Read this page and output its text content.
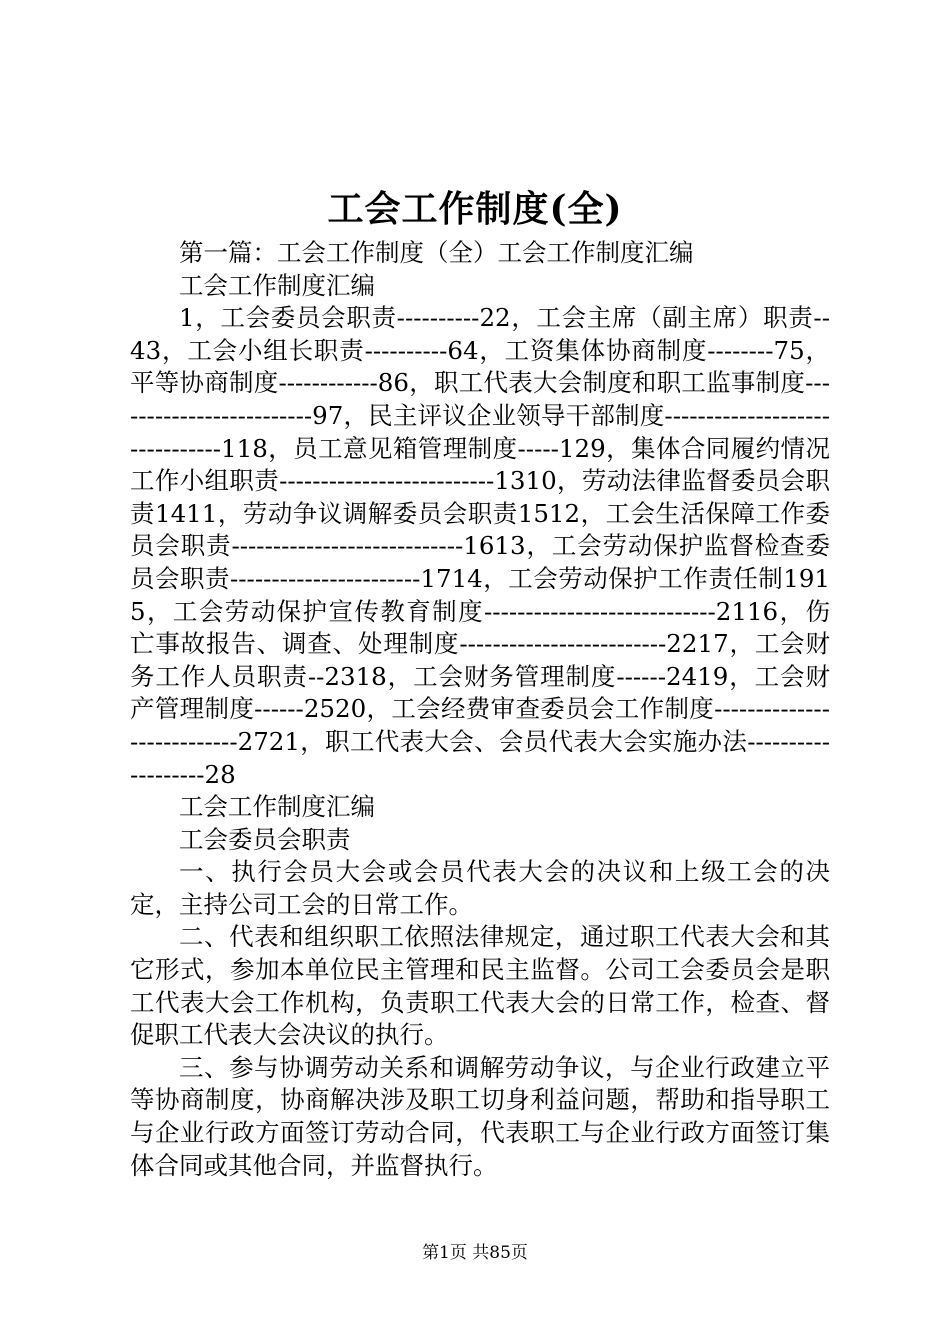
工会工作制度(全)

第一篇：工会工作制度（全）工会工作制度汇编

工会工作制度汇编

1，工会委员会职责----------22，工会主席（副主席）职责--43，工会小组长职责----------64，工资集体协商制度--------75，平等协商制度------------86，职工代表大会制度和职工监事制度-------------------------97，民主评议企业领导干部制度-------------------------------118，员工意见箱管理制度-----129，集体合同履约情况工作小组职责--------------------------1310，劳动法律监督委员会职责1411，劳动争议调解委员会职责1512，工会生活保障工作委员会职责----------------------------1613，工会劳动保护监督检查委员会职责-----------------------1714，工会劳动保护工作责任制1915，工会劳动保护宣传教育制度----------------------------2116，伤亡事故报告、调查、处理制度-------------------------2217，工会财务工作人员职责--2318，工会财务管理制度------2419，工会财产管理制度------2520，工会经费审查委员会工作制度---------------------------2721，职工代表大会、会员代表大会实施办法-------------------28

工会工作制度汇编

工会委员会职责

一、执行会员大会或会员代表大会的决议和上级工会的决定，主持公司工会的日常工作。

二、代表和组织职工依照法律规定，通过职工代表大会和其它形式，参加本单位民主管理和民主监督。公司工会委员会是职工代表大会工作机构，负责职工代表大会的日常工作，检查、督促职工代表大会决议的执行。

三、参与协调劳动关系和调解劳动争议，与企业行政建立平等协商制度，协商解决涉及职工切身利益问题，帮助和指导职工与企业行政方面签订劳动合同，代表职工与企业行政方面签订集体合同或其他合同，并监督执行。

第1页 共85页
